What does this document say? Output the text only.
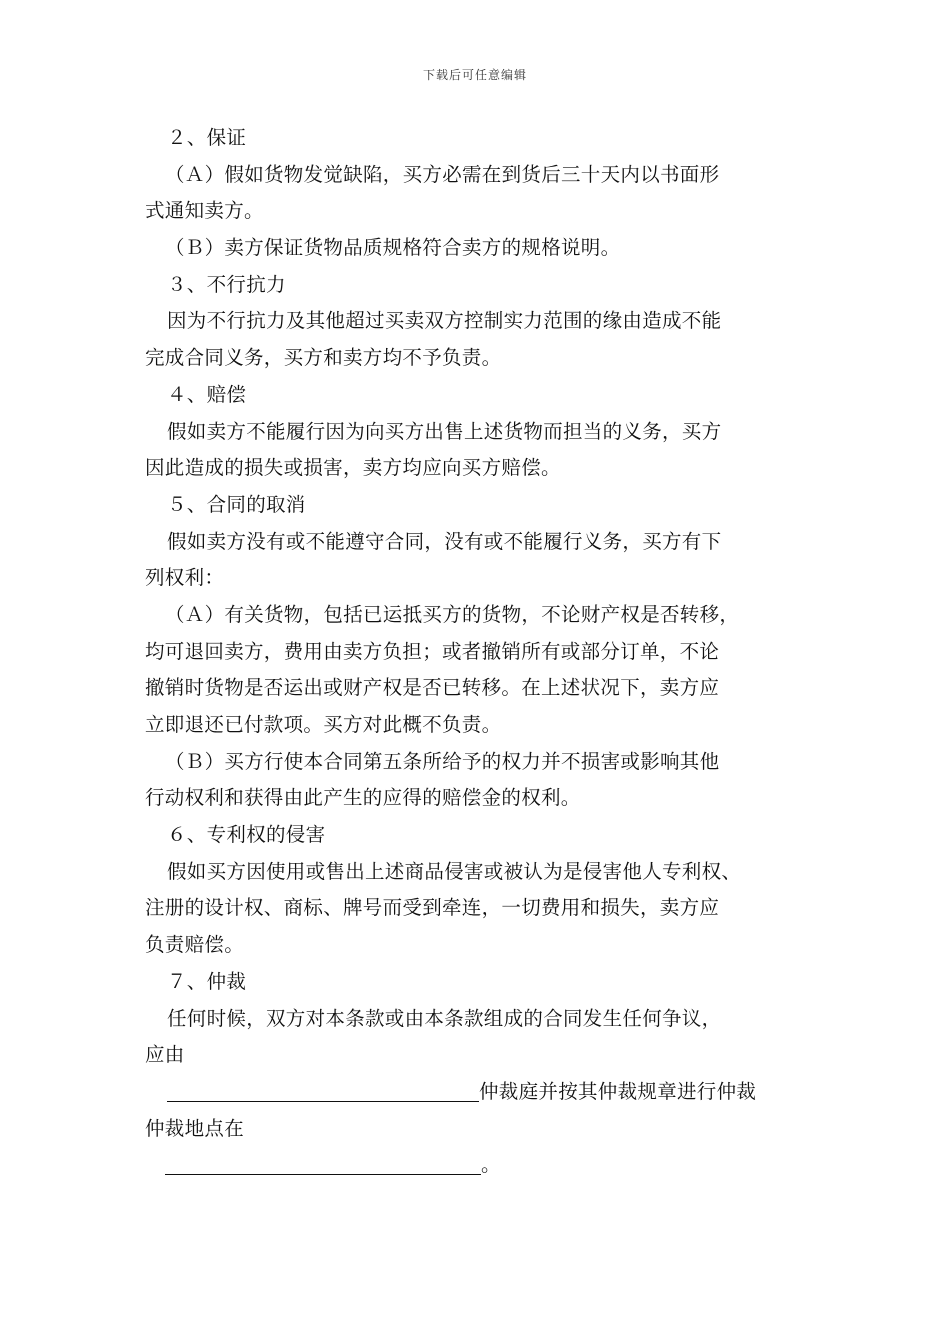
下载后可任意编辑
２、保证
（Ａ）假如货物发觉缺陷，买方必需在到货后三十天内以书面形
式通知卖方。
（Ｂ）卖方保证货物品质规格符合卖方的规格说明。
３、不行抗力
因为不行抗力及其他超过买卖双方控制实力范围的缘由造成不能
完成合同义务，买方和卖方均不予负责。
４、赔偿
假如卖方不能履行因为向买方出售上述货物而担当的义务，买方
因此造成的损失或损害，卖方均应向买方赔偿。
５、合同的取消
假如卖方没有或不能遵守合同，没有或不能履行义务，买方有下
列权利：
（Ａ）有关货物，包括已运抵买方的货物，不论财产权是否转移，
均可退回卖方，费用由卖方负担；或者撤销所有或部分订单，不论
撤销时货物是否运出或财产权是否已转移。在上述状况下，卖方应
立即退还已付款项。买方对此概不负责。
（Ｂ）买方行使本合同第五条所给予的权力并不损害或影响其他
行动权利和获得由此产生的应得的赔偿金的权利。
６、专利权的侵害
假如买方因使用或售出上述商品侵害或被认为是侵害他人专利权、
注册的设计权、商标、牌号而受到牵连，一切费用和损失，卖方应
负责赔偿。
７、仲裁
任何时候，双方对本条款或由本条款组成的合同发生任何争议，
应由
仲裁庭并按其仲裁规章进行仲裁
仲裁地点在
。
